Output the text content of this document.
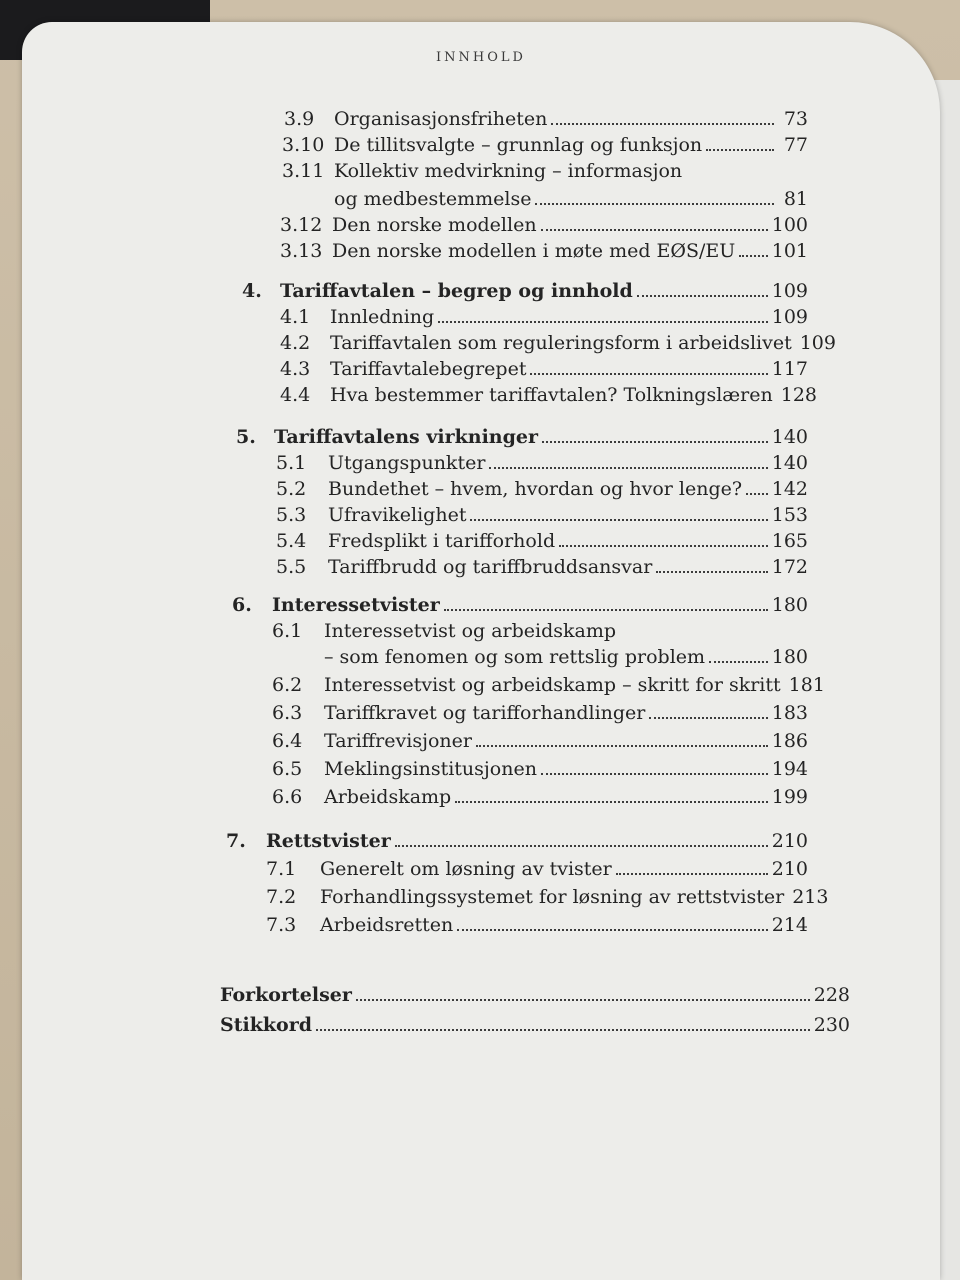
INNHOLD
3.9	Organisasjonsfriheten	73
3.10 De tillitsvalgte – grunnlag og funksjon	77
3.11 Kollektiv medvirkning – informasjon
og medbestemmelse	81
3.12 Den norske modellen	100
3.13 Den norske modellen i møte med EØS/EU 101
4. Tariffavtalen – begrep og innhold	109
4.1	Innledning	109
4.2	Tariffavtalen som reguleringsform i arbeidslivet 109
4.3	Tariffavtalebegrepet	117
4.4	Hva bestemmer tariffavtalen? Tolkningslæren 128
5. Tariffavtalens virkninger	140
5.1	Utgangspunkter	140
5.2	Bundethet – hvem, hvordan og hvor lenge? 142
5.3	Ufravikelighet	153
5.4	Fredsplikt i tarifforhold	165
5.5	Tariffbrudd og tariffbruddsansvar	172
6.	Interessetvister	180
6.1	Interessetvist og arbeidskamp
– som fenomen og som rettslig problem	180
6.2	Interessetvist og arbeidskamp – skritt for skritt 181
6.3	Tariffkravet og tarifforhandlinger	183
6.4	Tariffrevisjoner	186
6.5	Meklingsinstitusjonen	194
6.6	Arbeidskamp	199
7.	Rettstvister	210
7.1	Generelt om løsning av tvister	210
7.2	Forhandlingssystemet for løsning av rettstvister 213
7.3	Arbeidsretten	214
Forkortelser	228
Stikkord	230
